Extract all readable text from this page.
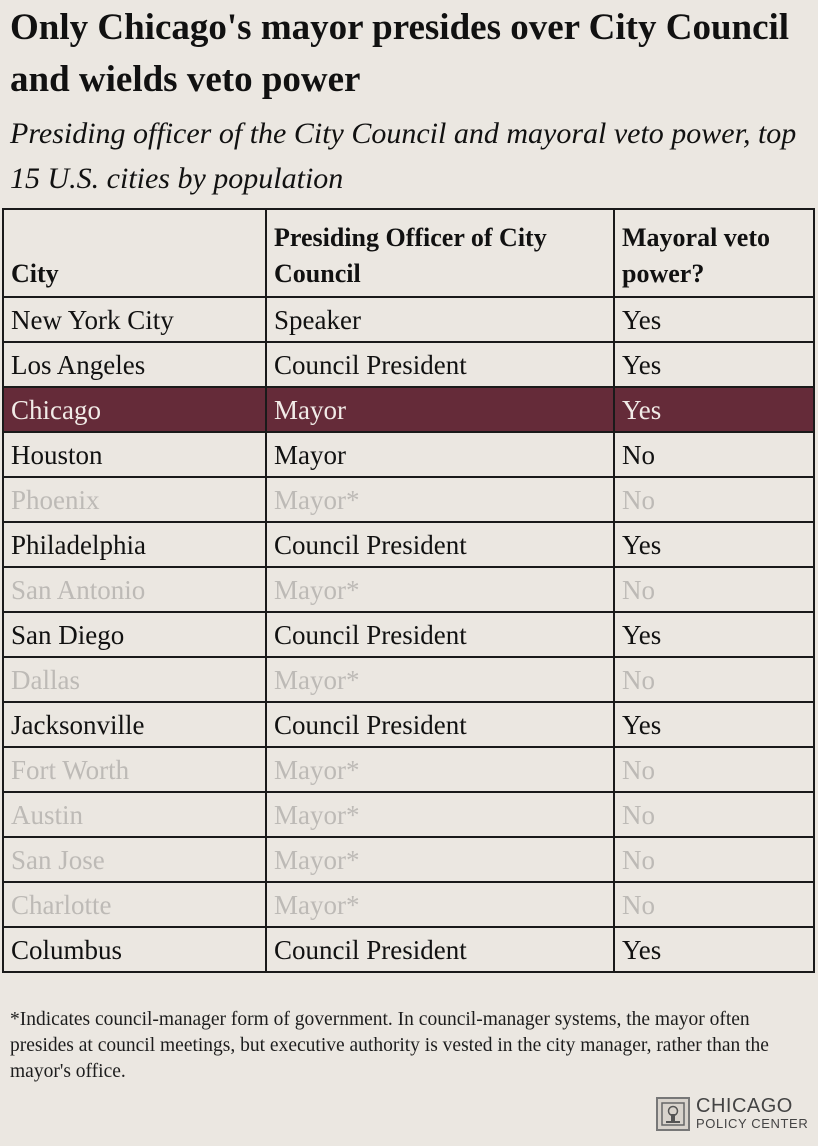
Only Chicago's mayor presides over City Council and wields veto power

Presiding officer of the City Council and mayoral veto power, top 15 U.S. cities by population

City	Presiding Officer of City Council	Mayoral veto power?
New York City	Speaker	Yes
Los Angeles	Council President	Yes
Chicago	Mayor	Yes
Houston	Mayor	No
Phoenix	Mayor*	No
Philadelphia	Council President	Yes
San Antonio	Mayor*	No
San Diego	Council President	Yes
Dallas	Mayor*	No
Jacksonville	Council President	Yes
Fort Worth	Mayor*	No
Austin	Mayor*	No
San Jose	Mayor*	No
Charlotte	Mayor*	No
Columbus	Council President	Yes

*Indicates council-manager form of government. In council-manager systems, the mayor often presides at council meetings, but executive authority is vested in the city manager, rather than the mayor's office.

CHICAGO
POLICY CENTER
